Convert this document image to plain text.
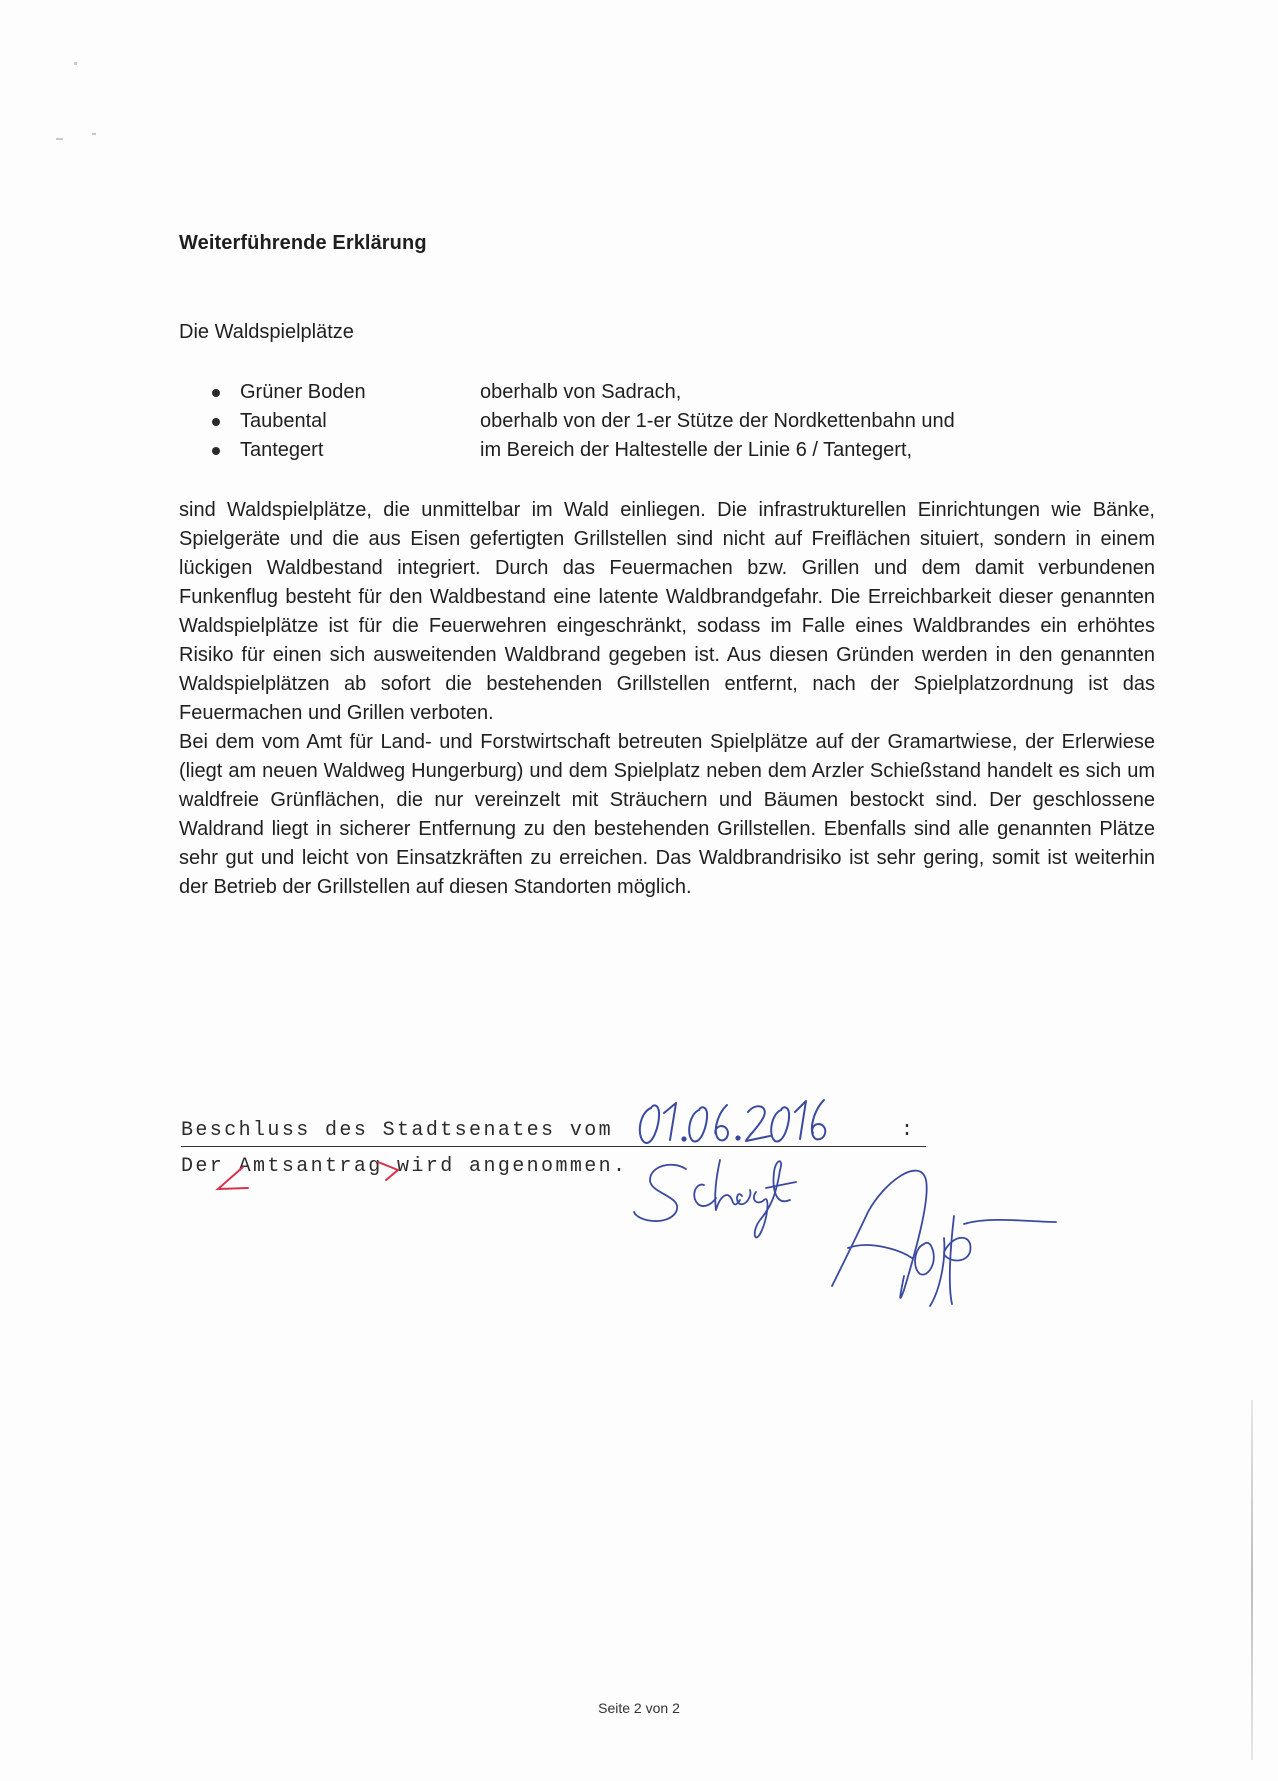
Weiterführende Erklärung
Die Waldspielplätze
Grüner Boden	oberhalb von Sadrach,
Taubental	oberhalb von der 1-er Stütze der Nordkettenbahn und
Tantegert	im Bereich der Haltestelle der Linie 6 / Tantegert,

sind Waldspielplätze, die unmittelbar im Wald einliegen. Die infrastrukturellen Einrichtungen wie Bänke, Spielgeräte und die aus Eisen gefertigten Grillstellen sind nicht auf Freiflächen situiert, sondern in einem lückigen Waldbestand integriert. Durch das Feuermachen bzw. Grillen und dem damit verbundenen Funkenflug besteht für den Waldbestand eine latente Waldbrandgefahr. Die Erreichbarkeit dieser genannten Waldspielplätze ist für die Feuerwehren eingeschränkt, sodass im Falle eines Waldbrandes ein erhöhtes Risiko für einen sich ausweitenden Waldbrand gegeben ist. Aus diesen Gründen werden in den genannten Waldspielplätzen ab sofort die bestehenden Grillstellen entfernt, nach der Spielplatzordnung ist das Feuermachen und Grillen verboten.

Bei dem vom Amt für Land- und Forstwirtschaft betreuten Spielplätze auf der Gramartwiese, der Erlerwiese (liegt am neuen Waldweg Hungerburg) und dem Spielplatz neben dem Arzler Schießstand handelt es sich um waldfreie Grünflächen, die nur vereinzelt mit Sträuchern und Bäumen bestockt sind. Der geschlossene Waldrand liegt in sicherer Entfernung zu den bestehenden Grillstellen. Ebenfalls sind alle genannten Plätze sehr gut und leicht von Einsatzkräften zu erreichen. Das Waldbrandrisiko ist sehr gering, somit ist weiterhin der Betrieb der Grillstellen auf diesen Standorten möglich.

Beschluss des Stadtsenates vom	:
Der Amtsantrag wird angenommen.
Seite 2 von 2
